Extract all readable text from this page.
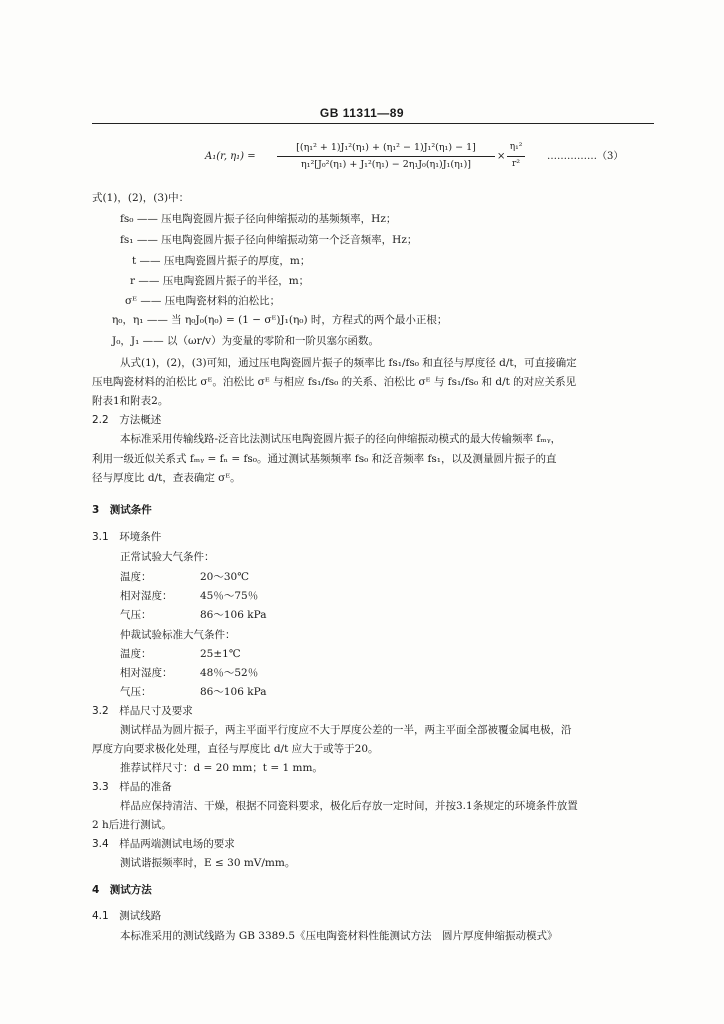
GB 11311—89
A₁(r, η₁) =
[(η₁² + 1)J₁²(η₁) + (η₁² − 1)J₁²(η₁) − 1]
η₁²[J₀²(η₁) + J₁²(η₁) − 2η₁J₀(η₁)J₁(η₁)]
×
η₁²
r²
……………（3）
式(1)，(2)，(3)中：
fs₀ —— 压电陶瓷圆片振子径向伸缩振动的基频频率，Hz；
fs₁ —— 压电陶瓷圆片振子径向伸缩振动第一个泛音频率，Hz；
t —— 压电陶瓷圆片振子的厚度，m；
r —— 压电陶瓷圆片振子的半径，m；
σᴱ —— 压电陶瓷材料的泊松比；
η₀，η₁ —— 当 η₀J₀(η₀) = (1 − σᴱ)J₁(η₀) 时，方程式的两个最小正根；
J₀，J₁ —— 以（ωr/v）为变量的零阶和一阶贝塞尔函数。
从式(1)，(2)，(3)可知，通过压电陶瓷圆片振子的频率比 fs₁/fs₀ 和直径与厚度径 d/t，可直接确定
压电陶瓷材料的泊松比 σᴱ。泊松比 σᴱ 与相应 fs₁/fs₀ 的关系、泊松比 σᴱ 与 fs₁/fs₀ 和 d/t 的对应关系见
附表1和附表2。
2.2　方法概述
本标准采用传输线路-泛音比法测试压电陶瓷圆片振子的径向伸缩振动模式的最大传输频率 fₘᵧ，
利用一级近似关系式 fₘᵧ = fₙ = fs₀。通过测试基频频率 fs₀ 和泛音频率 fs₁，以及测量圆片振子的直
径与厚度比 d/t，查表确定 σᴱ。
3　测试条件
3.1　环境条件
正常试验大气条件：
温度：	20～30℃
相对湿度：	45％～75％
气压：	86～106 kPa
仲裁试验标准大气条件：
温度：	25±1℃
相对湿度：	48％～52％
气压：	86～106 kPa
3.2　样品尺寸及要求
测试样品为圆片振子，两主平面平行度应不大于厚度公差的一半，两主平面全部被覆金属电极，沿
厚度方向要求极化处理，直径与厚度比 d/t 应大于或等于20。
推荐试样尺寸：d = 20 mm；t = 1 mm。
3.3　样品的准备
样品应保持清洁、干燥，根据不同瓷料要求，极化后存放一定时间，并按3.1条规定的环境条件放置
2 h后进行测试。
3.4　样品两端测试电场的要求
测试谐振频率时，E ≤ 30 mV/mm。
4　测试方法
4.1　测试线路
本标准采用的测试线路为 GB 3389.5《压电陶瓷材料性能测试方法　圆片厚度伸缩振动模式》
